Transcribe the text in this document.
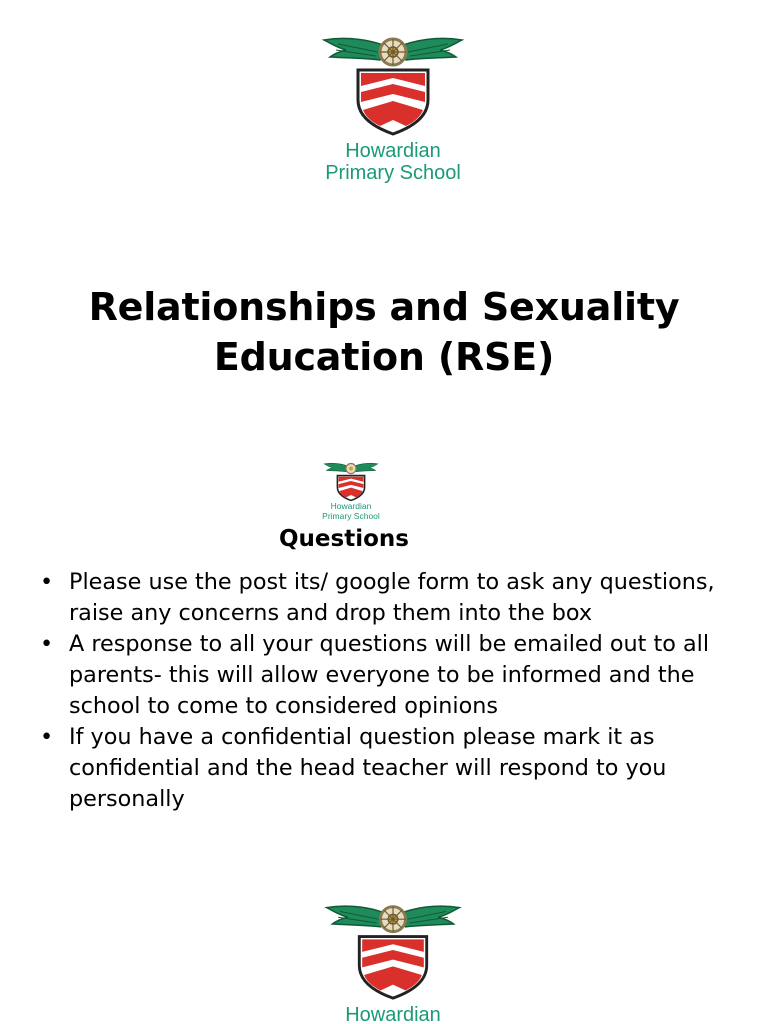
Howardian
Primary School
Relationships and Sexuality
Education (RSE)
Howardian
Primary School
Questions
• Please use the post its/ google form to ask any questions, raise any concerns and drop them into the box
• A response to all your questions will be emailed out to all parents- this will allow everyone to be informed and the school to come to considered opinions
• If you have a confidential question please mark it as confidential and the head teacher will respond to you personally
Howardian
